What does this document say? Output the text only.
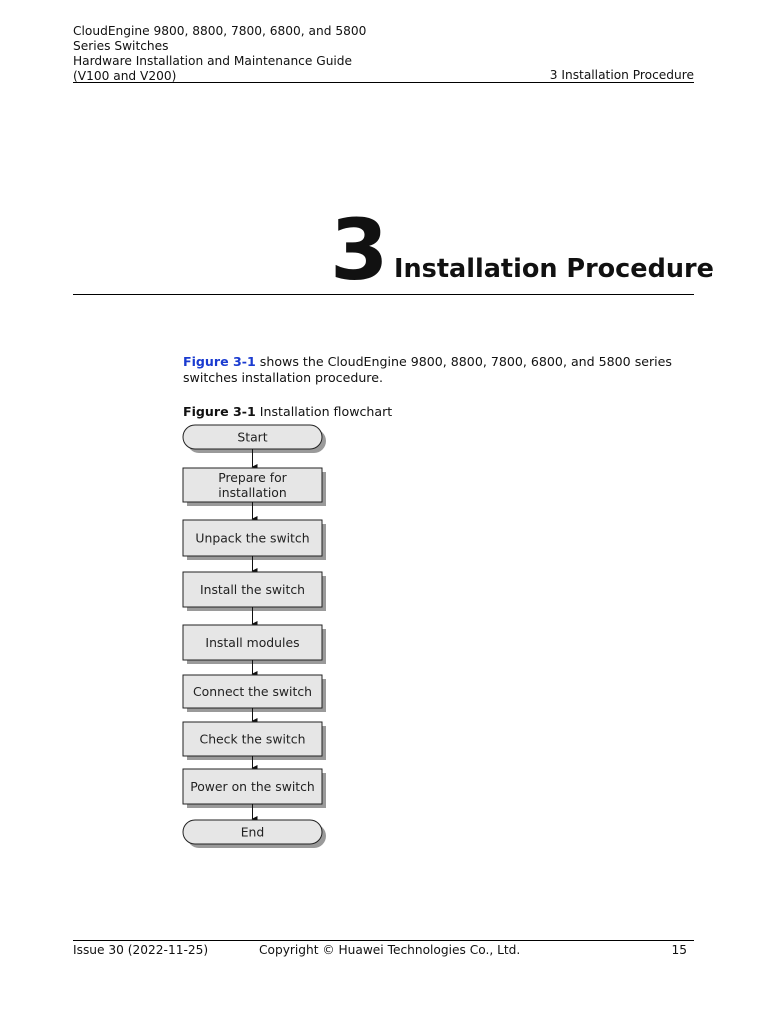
CloudEngine 9800, 8800, 7800, 6800, and 5800
Series Switches
Hardware Installation and Maintenance Guide
(V100 and V200)	3 Installation Procedure
3 Installation Procedure

Figure 3-1 shows the CloudEngine 9800, 8800, 7800, 6800, and 5800 series switches installation procedure.

Figure 3-1 Installation flowchart
Start
Prepare for
installation
Unpack the switch
Install the switch
Install modules
Connect the switch
Check the switch
Power on the switch
End
Issue 30 (2022-11-25)	Copyright © Huawei Technologies Co., Ltd.	15
